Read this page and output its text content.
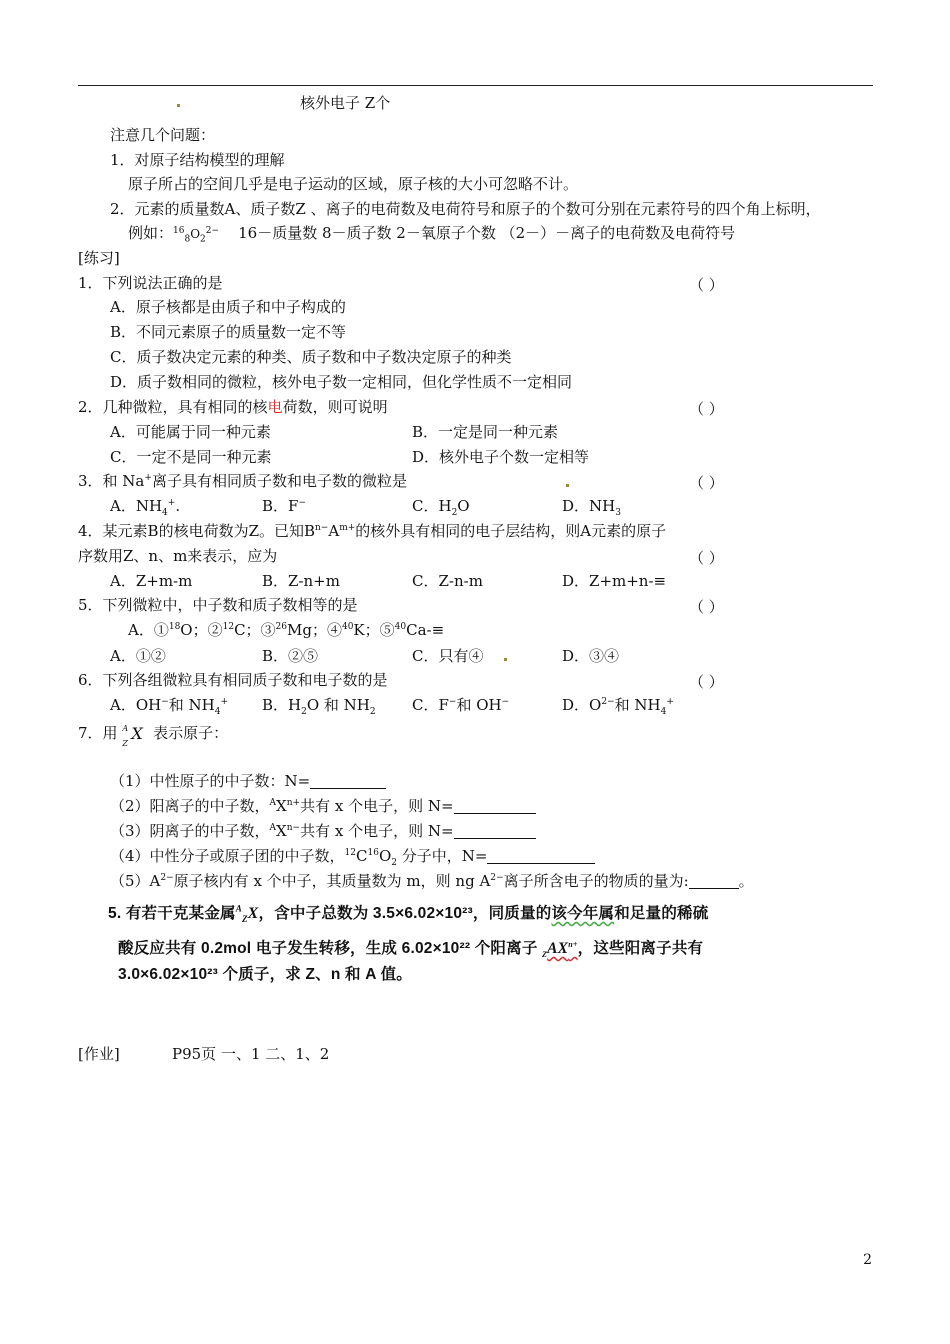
核外电子 Z个
注意几个问题：
1．对原子结构模型的理解
原子所占的空间几乎是电子运动的区域，原子核的大小可忽略不计。
2．元素的质量数A、质子数Z 、离子的电荷数及电荷符号和原子的个数可分别在元素符号的四个角上标明，
例如：$^{16}_8O_2^{2-}$ 16－质量数 8－质子数 2－氧原子个数 （2－）－离子的电荷数及电荷符号
[练习]
1．下列说法正确的是	（ ）
A．原子核都是由质子和中子构成的
B．不同元素原子的质量数一定不等
C．质子数决定元素的种类、质子数和中子数决定原子的种类
D．质子数相同的微粒，核外电子数一定相同，但化学性质不一定相同
2．几种微粒，具有相同的核电荷数，则可说明	（ ）
A．可能属于同一种元素	B．一定是同一种元素
C．一定不是同一种元素	D．核外电子个数一定相等
3．和 Na+离子具有相同质子数和电子数的微粒是	（ ）
A．$NH_4^+$.	B．F−	C．$H_2O$	D．$NH_3$
4．某元素B的核电荷数为Z。已知$B^{n-}A^{m+}$的核外具有相同的电子层结构，则A元素的原子
序数用Z、n、m来表示，应为	（ ）
A．Z+m-m	B．Z-n+m	C．Z-n-m	D．Z+m+n-≡
5．下列微粒中，中子数和质子数相等的是	（ ）
A．①$^{18}$O；②$^{12}$C；③$^{26}$Mg；④$^{40}$K；⑤$^{40}$Ca-≡
A．①②	B．②⑤	C．只有④	D．③④
6．下列各组微粒具有相同质子数和电子数的是	（ ）
A．OH−和 $NH_4^+$ B．$H_2O$ 和 $NH_2$ C．F−和 OH−	D．$O^{2-}$和 $NH_4^+$
7．用 A
Z
X 表示原子：
（1）中性原子的中子数：N=
（2）阳离子的中子数，$^AX^{n+}$共有 x 个电子，则 N=
（3）阴离子的中子数，$^AX^{n-}$共有 x 个电子，则 N=
（4）中性分子或原子团的中子数，$^{12}C^{16}O_2$ 分子中，N=
$(5)A^{2-}$原子核内有 x 个中子，其质量数为 m，则 ng $A^{2-}$离子所含电子的物质的量为:	。
5. 有若干克某金属$^A_Z$X，含中子总数为 3.5×6.02×10²³，同质量的该今年属和足量的稀硫
酸反应共有 0.2mol 电子发生转移，生成 6.02×10²² 个阳离子 $_ZAX^{n+}$，这些阳离子共有
3.0×6.02×10²³ 个质子，求 Z、n 和 A 值。
[作业]	P95页 一、1 二、1、2
2
